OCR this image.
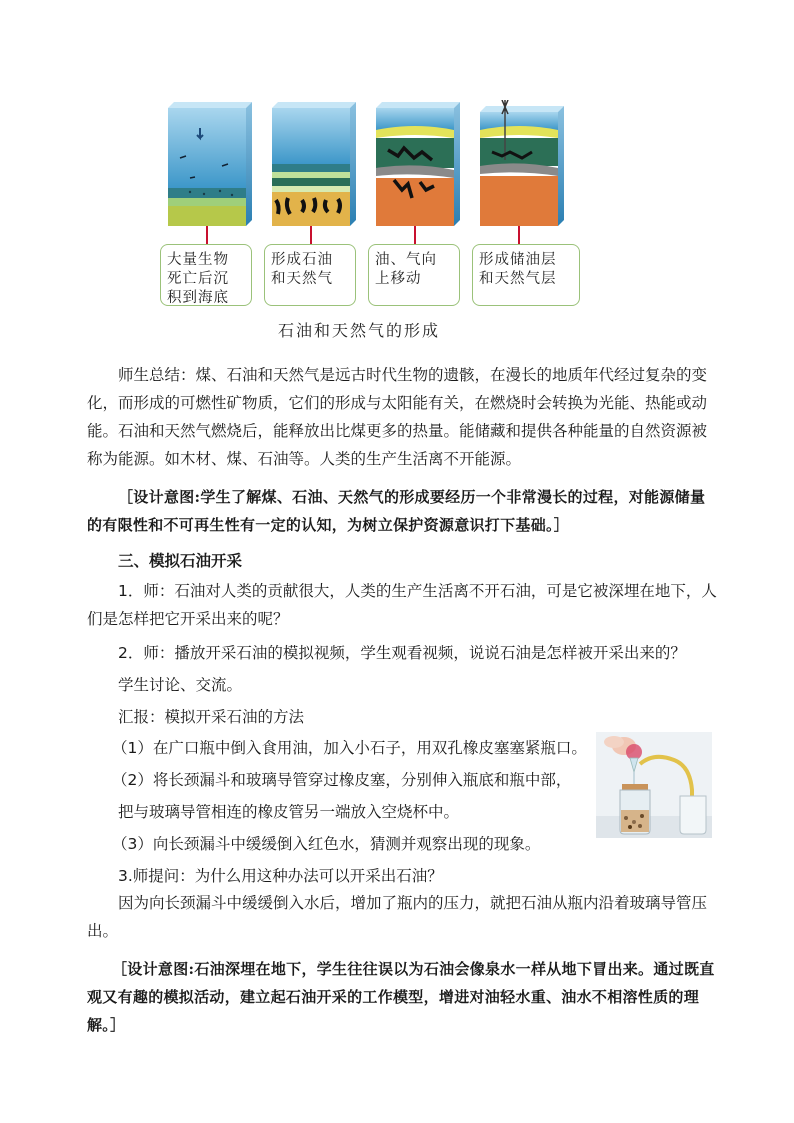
大量生物
死亡后沉
积到海底
形成石油
和天然气
油、气向
上移动
形成储油层
和天然气层
石油和天然气的形成

师生总结：煤、石油和天然气是远古时代生物的遗骸，在漫长的地质年代经过复杂的变化，而形成的可燃性矿物质，它们的形成与太阳能有关，在燃烧时会转换为光能、热能或动能。石油和天然气燃烧后，能释放出比煤更多的热量。能储藏和提供各种能量的自然资源被称为能源。如木材、煤、石油等。人类的生产生活离不开能源。

［设计意图:学生了解煤、石油、天然气的形成要经历一个非常漫长的过程，对能源储量的有限性和不可再生性有一定的认知，为树立保护资源意识打下基础。］

三、模拟石油开采

1．师：石油对人类的贡献很大，人类的生产生活离不开石油，可是它被深埋在地下，人们是怎样把它开采出来的呢？

2．师：播放开采石油的模拟视频，学生观看视频，说说石油是怎样被开采出来的？
学生讨论、交流。
汇报：模拟开采石油的方法
（1）在广口瓶中倒入食用油，加入小石子，用双孔橡皮塞塞紧瓶口。
（2）将长颈漏斗和玻璃导管穿过橡皮塞，分别伸入瓶底和瓶中部，
把与玻璃导管相连的橡皮管另一端放入空烧杯中。
（3）向长颈漏斗中缓缓倒入红色水，猜测并观察出现的现象。
3.师提问：为什么用这种办法可以开采出石油？

因为向长颈漏斗中缓缓倒入水后，增加了瓶内的压力，就把石油从瓶内沿着玻璃导管压出。

［设计意图:石油深埋在地下，学生往往误以为石油会像泉水一样从地下冒出来。通过既直观又有趣的模拟活动，建立起石油开采的工作模型，增进对油轻水重、油水不相溶性质的理解。］
